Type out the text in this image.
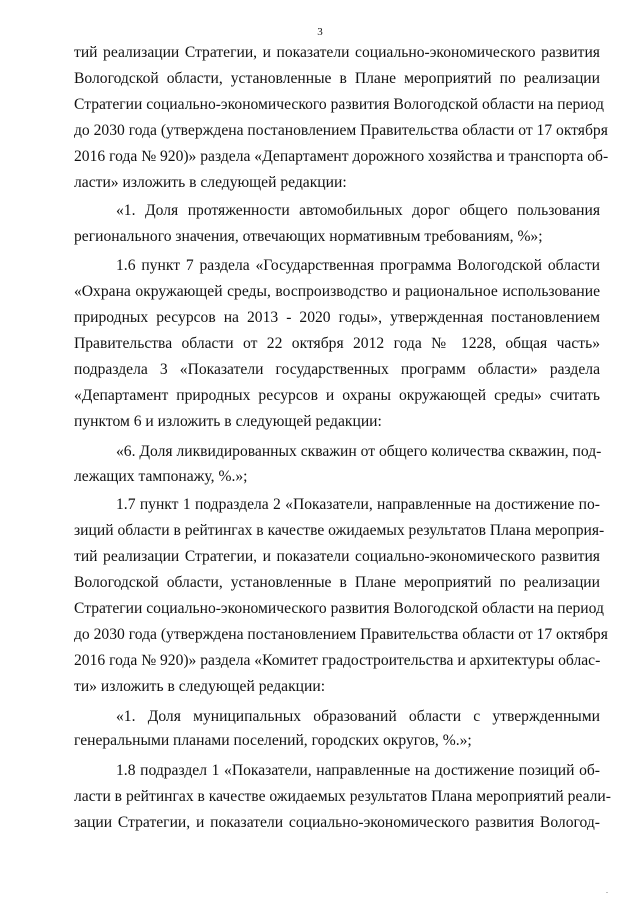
3
тий реализации Стратегии, и показатели социально-экономического развития
Вологодской области, установленные в Плане мероприятий по реализации
Стратегии социально-экономического развития Вологодской области на период
до 2030 года (утверждена постановлением Правительства области от 17 октября
2016 года № 920)» раздела «Департамент дорожного хозяйства и транспорта об-
ласти» изложить в следующей редакции:
«1. Доля протяженности автомобильных дорог общего пользования
регионального значения, отвечающих нормативным требованиям, %»;
1.6 пункт 7 раздела «Государственная программа Вологодской области
«Охрана окружающей среды, воспроизводство и рациональное использование
природных ресурсов на 2013 - 2020 годы», утвержденная постановлением
Правительства области от 22 октября 2012 года № 1228, общая часть»
подраздела 3 «Показатели государственных программ области» раздела
«Департамент природных ресурсов и охраны окружающей среды» считать
пунктом 6 и изложить в следующей редакции:
«6. Доля ликвидированных скважин от общего количества скважин, под-
лежащих тампонажу, %.»;
1.7 пункт 1 подраздела 2 «Показатели, направленные на достижение по-
зиций области в рейтингах в качестве ожидаемых результатов Плана мероприя-
тий реализации Стратегии, и показатели социально-экономического развития
Вологодской области, установленные в Плане мероприятий по реализации
Стратегии социально-экономического развития Вологодской области на период
до 2030 года (утверждена постановлением Правительства области от 17 октября
2016 года № 920)» раздела «Комитет градостроительства и архитектуры облас-
ти» изложить в следующей редакции:
«1. Доля муниципальных образований области с утвержденными
генеральными планами поселений, городских округов, %.»;
1.8 подраздел 1 «Показатели, направленные на достижение позиций об-
ласти в рейтингах в качестве ожидаемых результатов Плана мероприятий реали-
зации Стратегии, и показатели социально-экономического развития Вологод-
.
